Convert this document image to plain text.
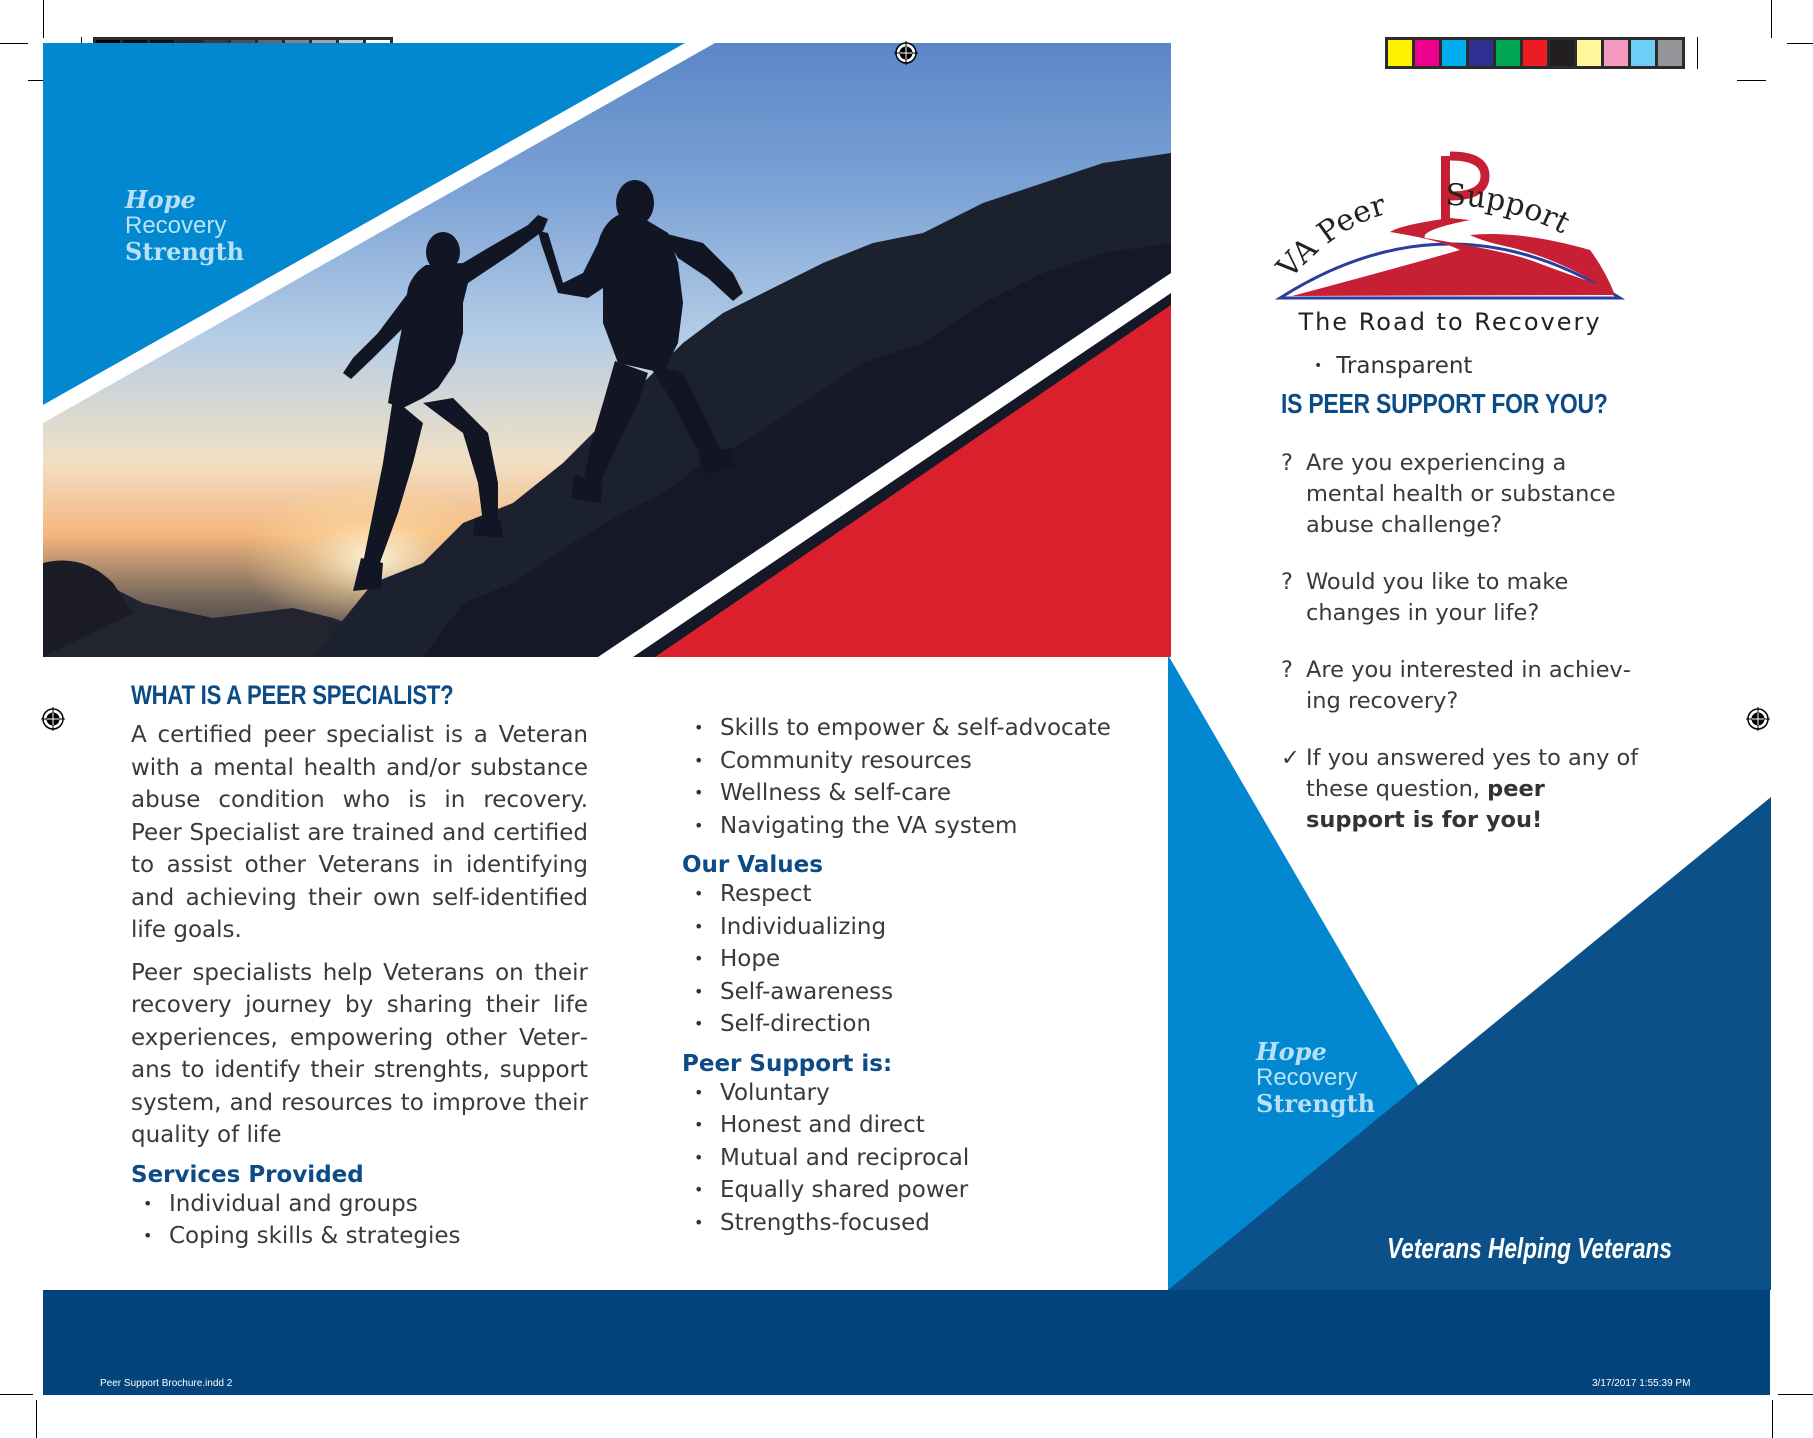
Hope
Recovery
Strength
Peer Support Brochure.indd 2	3/17/2017 1:55:39 PM
WHAT IS A PEER SPECIALIST?

A certified peer specialist is a Veteran with a mental health and/or substance abuse condition who is in recovery. Peer Specialist are trained and certified to assist other Veterans in identifying and achieving their own self-identified life goals.

Peer specialists help Veterans on their recovery journey by sharing their life experiences, empowering other Veterans to identify their strenghts, support system, and resources to improve their quality of life

Services Provided
• Individual and groups
• Coping skills & strategies
• Skills to empower & self-advocate
• Community resources
• Wellness & self-care
• Navigating the VA system
Our Values
• Respect
• Individualizing
• Hope
• Self-awareness
• Self-direction
Peer Support is:
• Voluntary
• Honest and direct
• Mutual and reciprocal
• Equally shared power
• Strengths-focused
VA Peer Support
The Road to Recovery
• Transparent
IS PEER SUPPORT FOR YOU?
? Are you experiencing a mental health or substance abuse challenge?
? Would you like to make changes in your life?
? Are you interested in achieving recovery?
✓ If you answered yes to any of these question, peer support is for you!
Hope
Recovery
Strength
Veterans Helping Veterans
